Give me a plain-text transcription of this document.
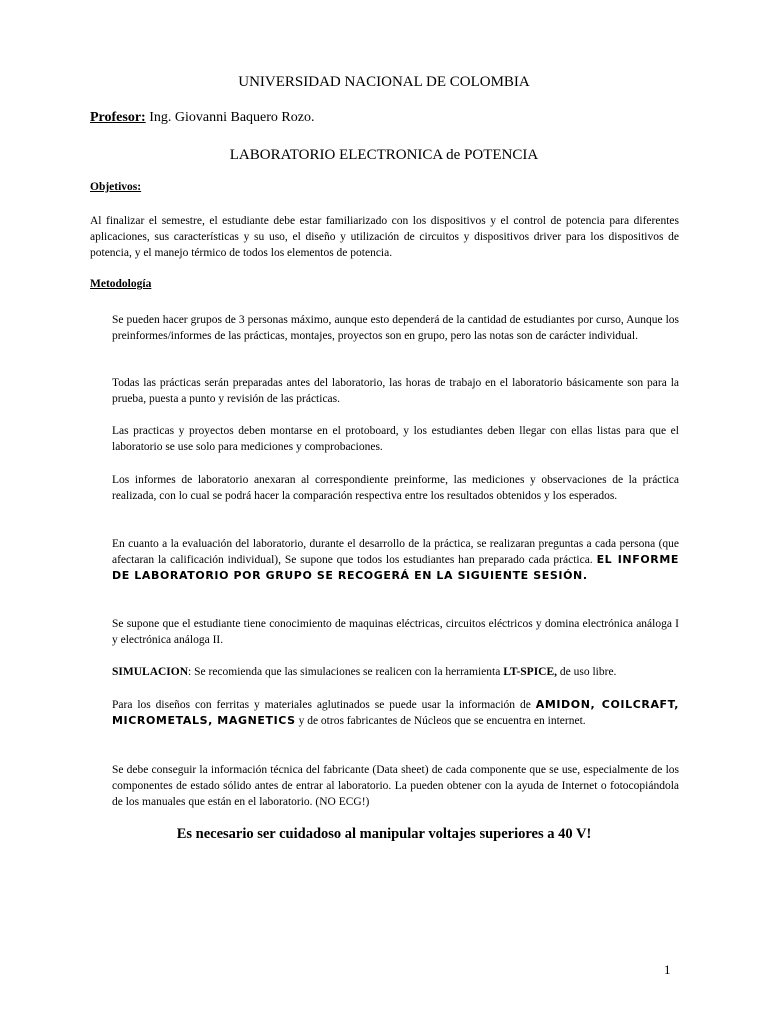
UNIVERSIDAD NACIONAL DE COLOMBIA
Profesor: Ing. Giovanni Baquero Rozo.
LABORATORIO ELECTRONICA de POTENCIA
Objetivos:
Al finalizar el semestre, el estudiante debe estar familiarizado con los dispositivos y el control de potencia para diferentes aplicaciones, sus características y su uso, el diseño y utilización de circuitos y dispositivos driver para los dispositivos de potencia, y el manejo térmico de todos los elementos de potencia.
Metodología
Se pueden hacer grupos de 3 personas máximo, aunque esto dependerá de la cantidad de estudiantes por curso, Aunque los preinformes/informes de las prácticas, montajes, proyectos son en grupo, pero las notas son de carácter individual.
Todas las prácticas serán preparadas antes del laboratorio, las horas de trabajo en el laboratorio básicamente son para la prueba, puesta a punto y revisión de las prácticas.
Las practicas y proyectos deben montarse en el protoboard, y los estudiantes deben llegar con ellas listas para que el laboratorio se use solo para mediciones y comprobaciones.
Los informes de laboratorio anexaran al correspondiente preinforme, las mediciones y observaciones de la práctica realizada, con lo cual se podrá hacer la comparación respectiva entre los resultados obtenidos y los esperados.
En cuanto a la evaluación del laboratorio, durante el desarrollo de la práctica, se realizaran preguntas a cada persona (que afectaran la calificación individual), Se supone que todos los estudiantes han preparado cada práctica. EL INFORME DE LABORATORIO POR GRUPO SE RECOGERÁ EN LA SIGUIENTE SESIÓN.
Se supone que el estudiante tiene conocimiento de maquinas eléctricas, circuitos eléctricos y domina electrónica análoga I y electrónica análoga II.
SIMULACION: Se recomienda que las simulaciones se realicen con la herramienta LT-SPICE, de uso libre.
Para los diseños con ferritas y materiales aglutinados se puede usar la información de AMIDON, COILCRAFT, MICROMETALS, MAGNETICS y de otros fabricantes de Núcleos que se encuentra en internet.
Se debe conseguir la información técnica del fabricante (Data sheet) de cada componente que se use, especialmente de los componentes de estado sólido antes de entrar al laboratorio. La pueden obtener con la ayuda de Internet o fotocopiándola de los manuales que están en el laboratorio. (NO ECG!)
Es necesario ser cuidadoso al manipular voltajes superiores a 40 V!
1
